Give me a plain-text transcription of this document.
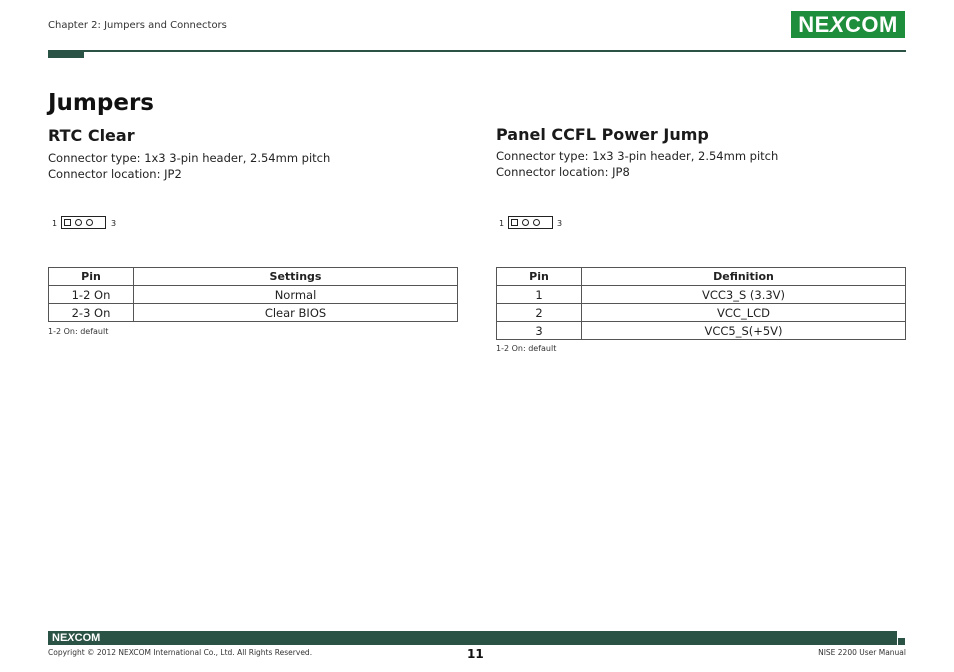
Chapter 2: Jumpers and Connectors	NEXCOM
Jumpers
RTC Clear
Connector type: 1x3 3-pin header, 2.54mm pitch
Connector location: JP2
1	3
Pin	Settings
1-2 On	Normal
2-3 On	Clear BIOS
1-2 On: default
Panel CCFL Power Jump
Connector type: 1x3 3-pin header, 2.54mm pitch
Connector location: JP8
1	3
Pin	Definition
1	VCC3_S (3.3V)
2	VCC_LCD
3	VCC5_S(+5V)
1-2 On: default
NEXCOM
Copyright © 2012 NEXCOM International Co., Ltd. All Rights Reserved.	11	NISE 2200 User Manual
